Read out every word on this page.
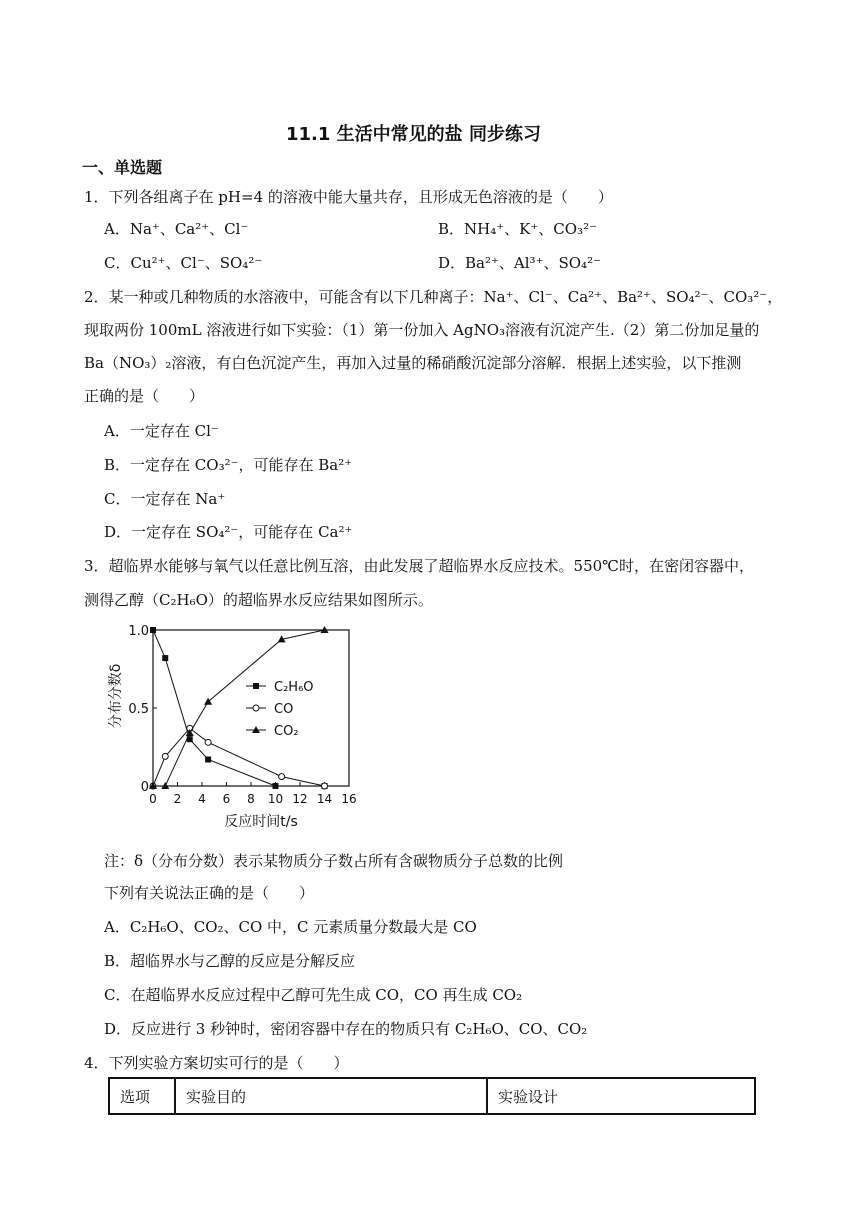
11.1 生活中常见的盐 同步练习
一、单选题
1．下列各组离子在 pH=4 的溶液中能大量共存，且形成无色溶液的是（　　）
A．Na⁺、Ca²⁺、Cl⁻	B．NH₄⁺、K⁺、CO₃²⁻
C．Cu²⁺、Cl⁻、SO₄²⁻	D．Ba²⁺、Al³⁺、SO₄²⁻
2．某一种或几种物质的水溶液中，可能含有以下几种离子：Na⁺、Cl⁻、Ca²⁺、Ba²⁺、SO₄²⁻、CO₃²⁻，
现取两份 100mL 溶液进行如下实验：（1）第一份加入 AgNO₃溶液有沉淀产生.（2）第二份加足量的
Ba（NO₃）₂溶液，有白色沉淀产生，再加入过量的稀硝酸沉淀部分溶解．根据上述实验，以下推测
正确的是（　　）
A．一定存在 Cl⁻
B．一定存在 CO₃²⁻，可能存在 Ba²⁺
C．一定存在 Na⁺
D．一定存在 SO₄²⁻，可能存在 Ca²⁺
3．超临界水能够与氧气以任意比例互溶，由此发展了超临界水反应技术。550℃时，在密闭容器中，
测得乙醇（C₂H₆O）的超临界水反应结果如图所示。
0 2 4 6 8 10 12 14 16
0
0.5
1.0
反应时间t/s
分布分数δ	C₂H₆O
CO
CO₂
注：δ（分布分数）表示某物质分子数占所有含碳物质分子总数的比例
下列有关说法正确的是（　　）
A．C₂H₆O、CO₂、CO 中，C 元素质量分数最大是 CO
B．超临界水与乙醇的反应是分解反应
C．在超临界水反应过程中乙醇可先生成 CO，CO 再生成 CO₂
D．反应进行 3 秒钟时，密闭容器中存在的物质只有 C₂H₆O、CO、CO₂
4．下列实验方案切实可行的是（　　）
选项	实验目的	实验设计
